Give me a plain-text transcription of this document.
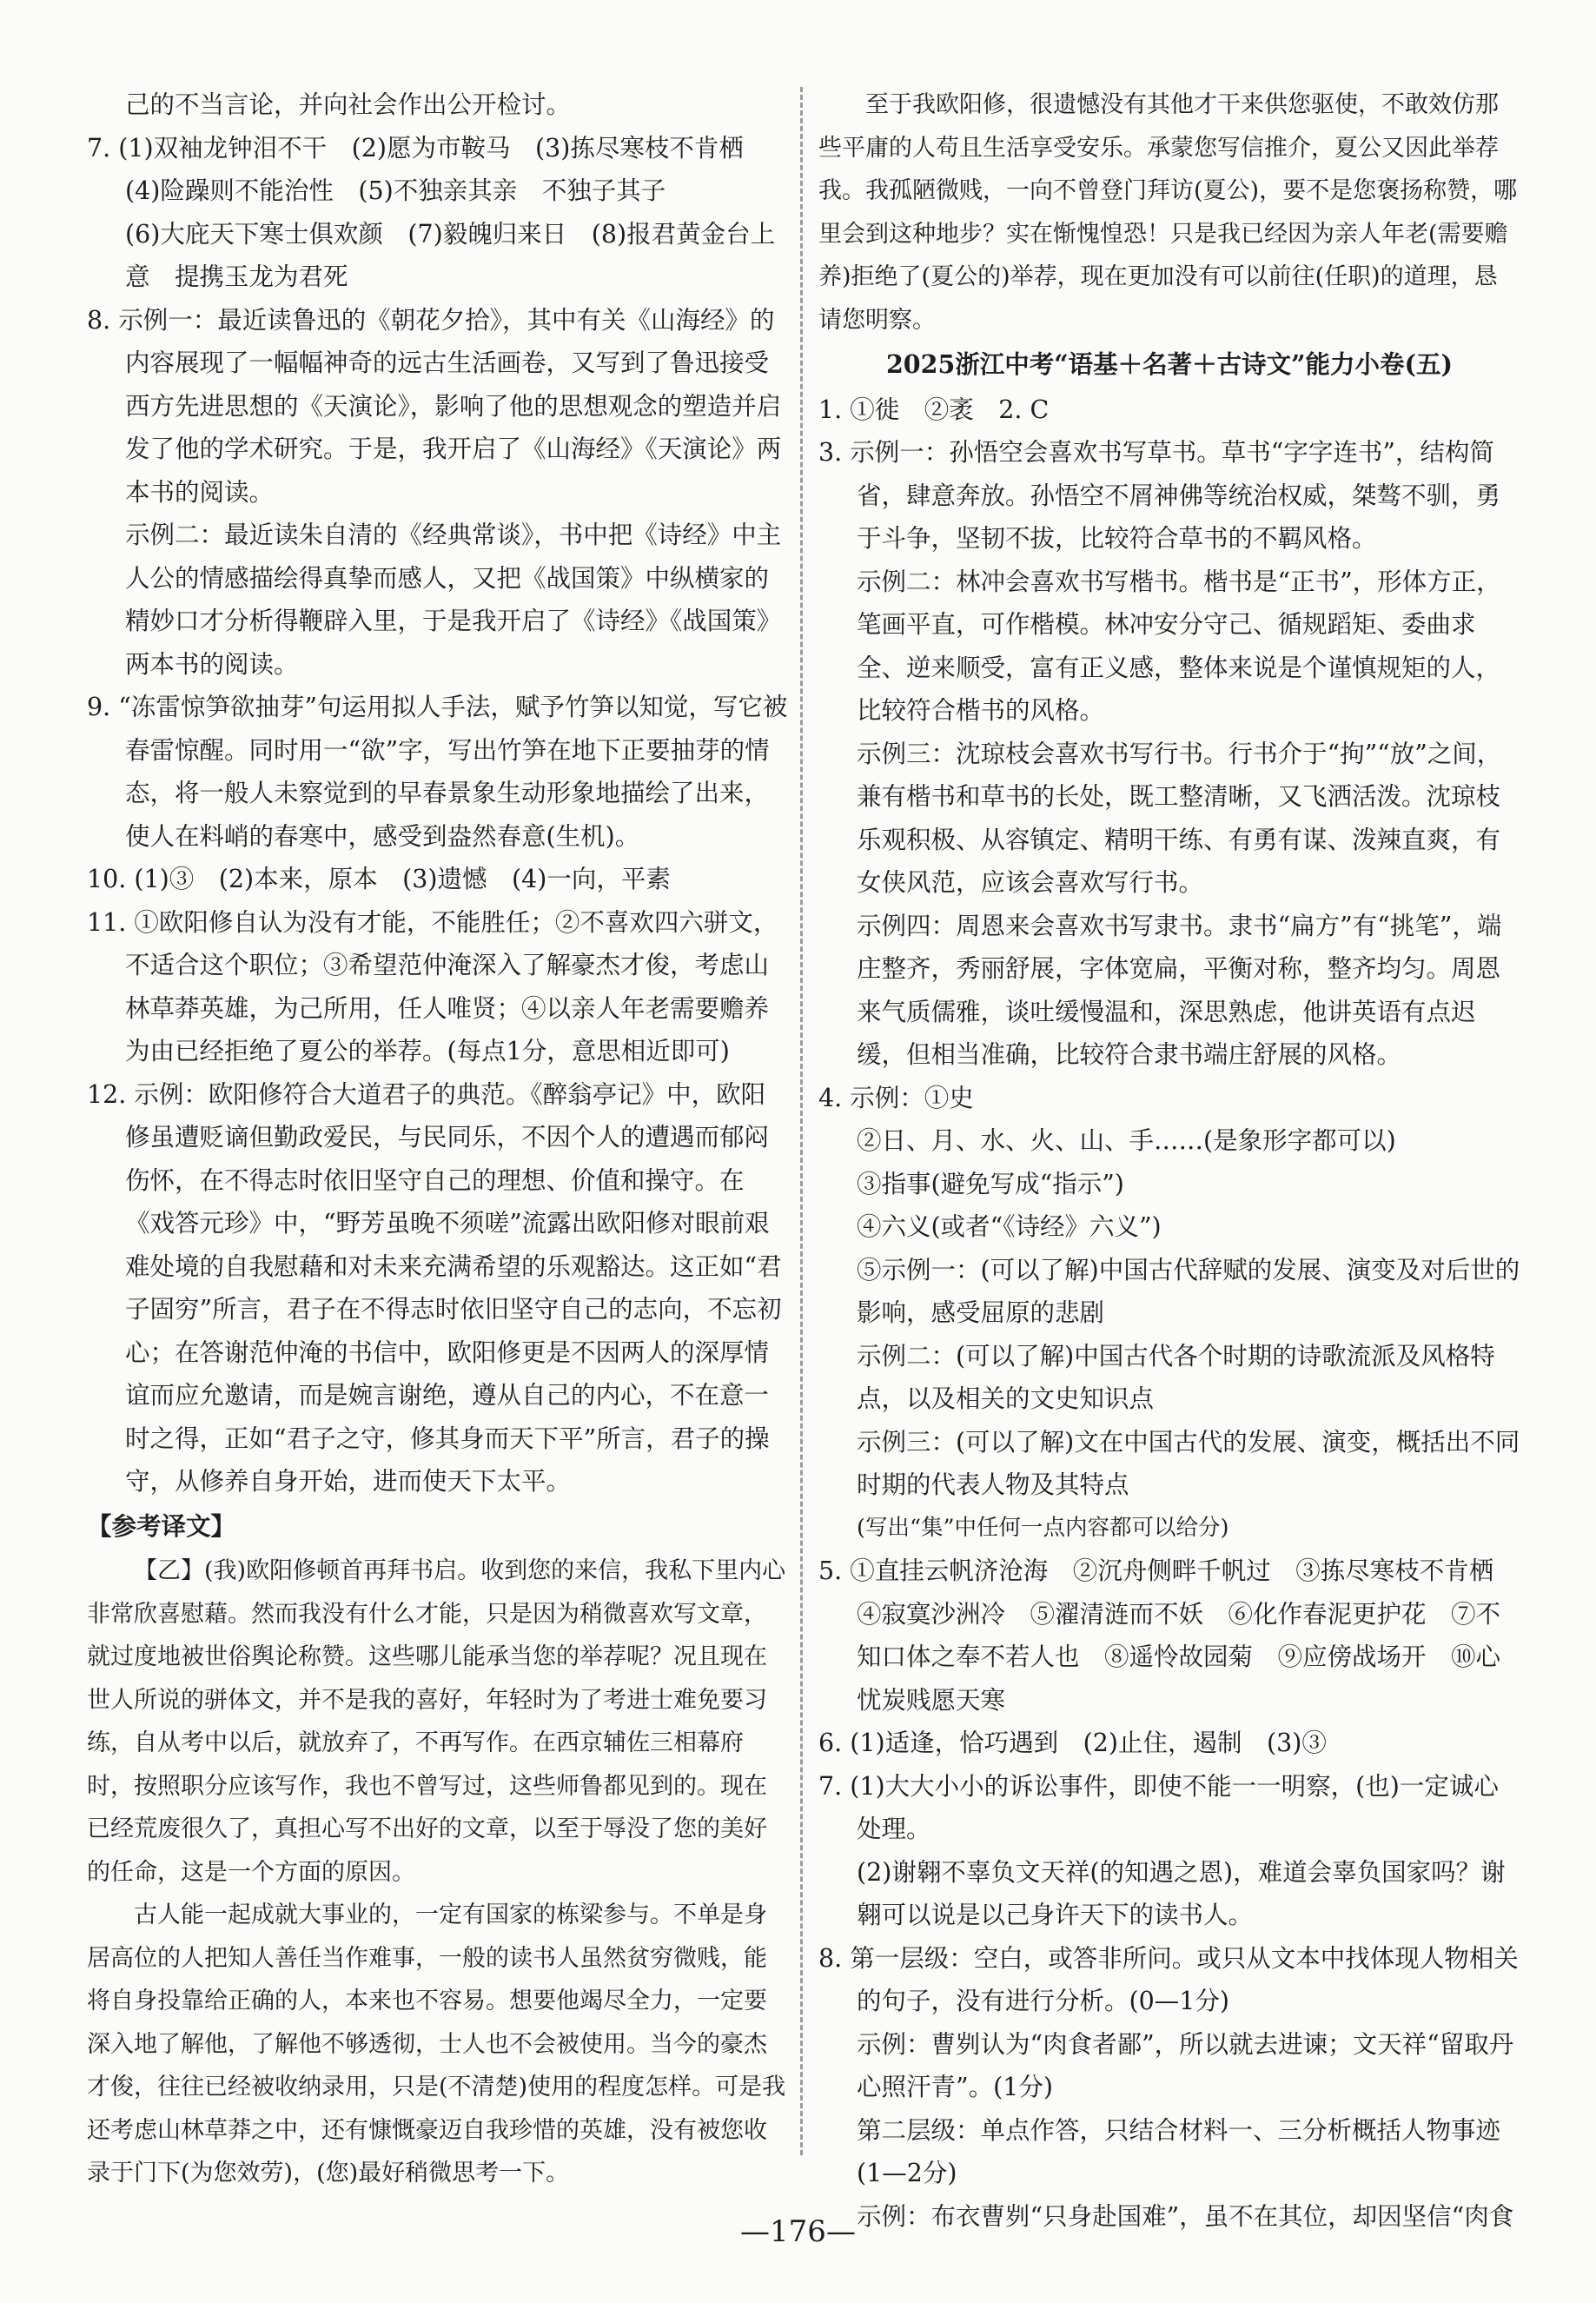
己的不当言论，并向社会作出公开检讨。

7. (1)双袖龙钟泪不干　(2)愿为市鞍马　(3)拣尽寒枝不肯栖

(4)险躁则不能治性　(5)不独亲其亲　不独子其子

(6)大庇天下寒士俱欢颜　(7)毅魄归来日　(8)报君黄金台上意　提携玉龙为君死

8. 示例一：最近读鲁迅的《朝花夕拾》，其中有关《山海经》的内容展现了一幅幅神奇的远古生活画卷，又写到了鲁迅接受西方先进思想的《天演论》，影响了他的思想观念的塑造并启发了他的学术研究。于是，我开启了《山海经》《天演论》两本书的阅读。

示例二：最近读朱自清的《经典常谈》，书中把《诗经》中主人公的情感描绘得真挚而感人，又把《战国策》中纵横家的精妙口才分析得鞭辟入里，于是我开启了《诗经》《战国策》两本书的阅读。

9. “冻雷惊笋欲抽芽”句运用拟人手法，赋予竹笋以知觉，写它被春雷惊醒。同时用一“欲”字，写出竹笋在地下正要抽芽的情态，将一般人未察觉到的早春景象生动形象地描绘了出来，使人在料峭的春寒中，感受到盎然春意(生机)。

10. (1)③　(2)本来，原本　(3)遗憾　(4)一向，平素

11. ①欧阳修自认为没有才能，不能胜任；②不喜欢四六骈文，不适合这个职位；③希望范仲淹深入了解豪杰才俊，考虑山林草莽英雄，为己所用，任人唯贤；④以亲人年老需要赡养为由已经拒绝了夏公的举荐。(每点1分，意思相近即可)

12. 示例：欧阳修符合大道君子的典范。《醉翁亭记》中，欧阳修虽遭贬谪但勤政爱民，与民同乐，不因个人的遭遇而郁闷伤怀，在不得志时依旧坚守自己的理想、价值和操守。在《戏答元珍》中，“野芳虽晚不须嗟”流露出欧阳修对眼前艰难处境的自我慰藉和对未来充满希望的乐观豁达。这正如“君子固穷”所言，君子在不得志时依旧坚守自己的志向，不忘初心；在答谢范仲淹的书信中，欧阳修更是不因两人的深厚情谊而应允邀请，而是婉言谢绝，遵从自己的内心，不在意一时之得，正如“君子之守，修其身而天下平”所言，君子的操守，从修养自身开始，进而使天下太平。

【参考译文】

【乙】(我)欧阳修顿首再拜书启。收到您的来信，我私下里内心非常欣喜慰藉。然而我没有什么才能，只是因为稍微喜欢写文章，就过度地被世俗舆论称赞。这些哪儿能承当您的举荐呢？况且现在世人所说的骈体文，并不是我的喜好，年轻时为了考进士难免要习练，自从考中以后，就放弃了，不再写作。在西京辅佐三相幕府时，按照职分应该写作，我也不曾写过，这些师鲁都见到的。现在已经荒废很久了，真担心写不出好的文章，以至于辱没了您的美好的任命，这是一个方面的原因。

古人能一起成就大事业的，一定有国家的栋梁参与。不单是身居高位的人把知人善任当作难事，一般的读书人虽然贫穷微贱，能将自身投靠给正确的人，本来也不容易。想要他竭尽全力，一定要深入地了解他，了解他不够透彻，士人也不会被使用。当今的豪杰才俊，往往已经被收纳录用，只是(不清楚)使用的程度怎样。可是我还考虑山林草莽之中，还有慷慨豪迈自我珍惜的英雄，没有被您收录于门下(为您效劳)，(您)最好稍微思考一下。

至于我欧阳修，很遗憾没有其他才干来供您驱使，不敢效仿那些平庸的人苟且生活享受安乐。承蒙您写信推介，夏公又因此举荐我。我孤陋微贱，一向不曾登门拜访(夏公)，要不是您褒扬称赞，哪里会到这种地步？实在惭愧惶恐！只是我已经因为亲人年老(需要赡养)拒绝了(夏公的)举荐，现在更加没有可以前往(任职)的道理，恳请您明察。

2025浙江中考“语基＋名著＋古诗文”能力小卷(五)

1. ①徙　②袤　2. C

3. 示例一：孙悟空会喜欢书写草书。草书“字字连书”，结构简省，肆意奔放。孙悟空不屑神佛等统治权威，桀骜不驯，勇于斗争，坚韧不拔，比较符合草书的不羁风格。

示例二：林冲会喜欢书写楷书。楷书是“正书”，形体方正，笔画平直，可作楷模。林冲安分守己、循规蹈矩、委曲求全、逆来顺受，富有正义感，整体来说是个谨慎规矩的人，比较符合楷书的风格。

示例三：沈琼枝会喜欢书写行书。行书介于“拘”“放”之间，兼有楷书和草书的长处，既工整清晰，又飞洒活泼。沈琼枝乐观积极、从容镇定、精明干练、有勇有谋、泼辣直爽，有女侠风范，应该会喜欢写行书。

示例四：周恩来会喜欢书写隶书。隶书“扁方”有“挑笔”，端庄整齐，秀丽舒展，字体宽扁，平衡对称，整齐均匀。周恩来气质儒雅，谈吐缓慢温和，深思熟虑，他讲英语有点迟缓，但相当准确，比较符合隶书端庄舒展的风格。

4. 示例：①史

②日、月、水、火、山、手……(是象形字都可以)

③指事(避免写成“指示”)

④六义(或者“《诗经》六义”)

⑤示例一：(可以了解)中国古代辞赋的发展、演变及对后世的影响，感受屈原的悲剧

示例二：(可以了解)中国古代各个时期的诗歌流派及风格特点，以及相关的文史知识点

示例三：(可以了解)文在中国古代的发展、演变，概括出不同时期的代表人物及其特点

(写出“集”中任何一点内容都可以给分)

5. ①直挂云帆济沧海　②沉舟侧畔千帆过　③拣尽寒枝不肯栖　④寂寞沙洲冷　⑤濯清涟而不妖　⑥化作春泥更护花　⑦不知口体之奉不若人也　⑧遥怜故园菊　⑨应傍战场开　⑩心忧炭贱愿天寒

6. (1)适逢，恰巧遇到　(2)止住，遏制　(3)③

7. (1)大大小小的诉讼事件，即使不能一一明察，(也)一定诚心处理。

(2)谢翱不辜负文天祥(的知遇之恩)，难道会辜负国家吗？谢翱可以说是以己身许天下的读书人。

8. 第一层级：空白，或答非所问。或只从文本中找体现人物相关的句子，没有进行分析。(0—1分)

示例：曹刿认为“肉食者鄙”，所以就去进谏；文天祥“留取丹心照汗青”。(1分)

第二层级：单点作答，只结合材料一、三分析概括人物事迹(1—2分)

示例：布衣曹刿“只身赴国难”，虽不在其位，却因坚信“肉食

—176—
